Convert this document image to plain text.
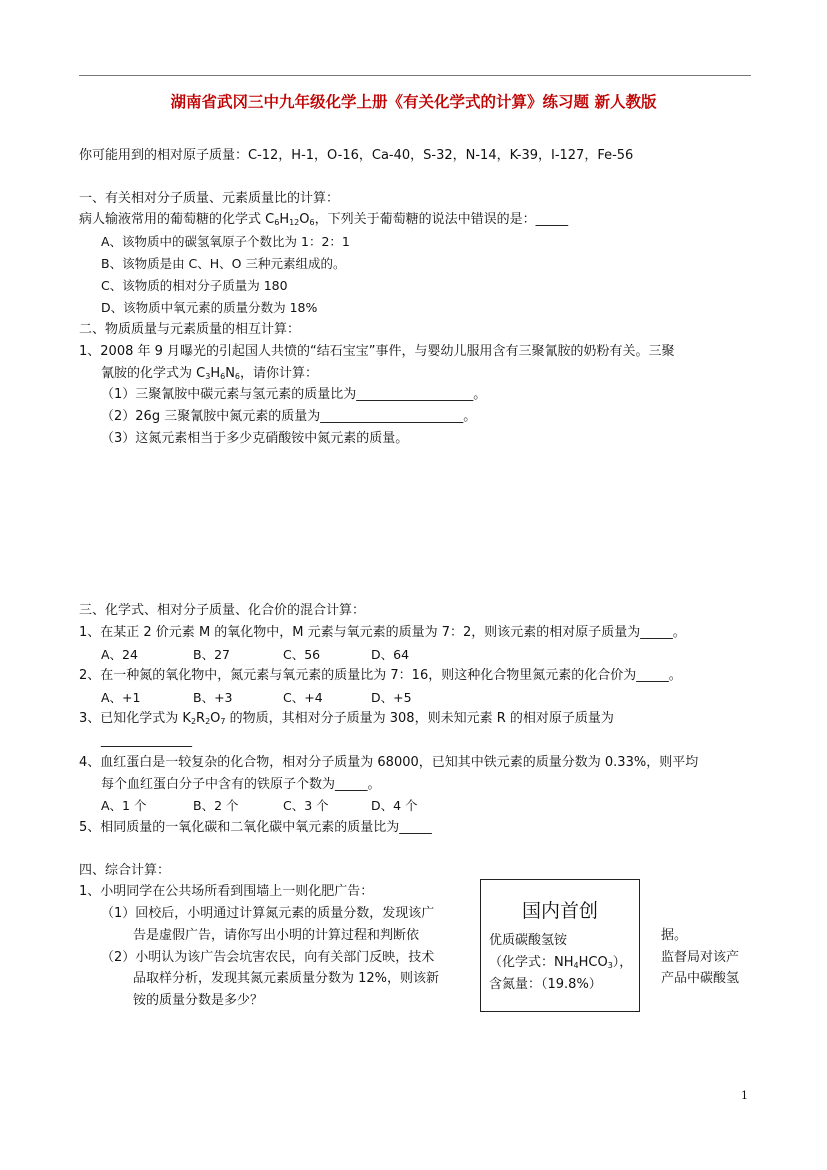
湖南省武冈三中九年级化学上册《有关化学式的计算》练习题 新人教版
你可能用到的相对原子质量：C-12，H-1，O-16，Ca-40，S-32，N-14，K-39，I-127，Fe-56
一、有关相对分子质量、元素质量比的计算：
病人输液常用的葡萄糖的化学式 $C_6H_{12}O_6$，下列关于葡萄糖的说法中错误的是：_____
A、该物质中的碳氢氧原子个数比为 1：2：1
B、该物质是由 C、H、O 三种元素组成的。
C、该物质的相对分子质量为 180
D、该物质中氧元素的质量分数为 18%
二、物质质量与元素质量的相互计算：
1、2008 年 9 月曝光的引起国人共愤的“结石宝宝”事件，与婴幼儿服用含有三聚氰胺的奶粉有关。三聚
氰胺的化学式为 $C_3H_6N_6$，请你计算：
（1）三聚氰胺中碳元素与氢元素的质量比为__________________。
（2）26g 三聚氰胺中氮元素的质量为______________________。
（3）这氮元素相当于多少克硝酸铵中氮元素的质量。
三、化学式、相对分子质量、化合价的混合计算：
1、在某正 2 价元素 M 的氧化物中，M 元素与氧元素的质量为 7：2，则该元素的相对原子质量为_____。
A、24	B、27	C、56	D、64
2、在一种氮的氧化物中，氮元素与氧元素的质量比为 7：16，则这种化合物里氮元素的化合价为_____。
A、+1	B、+3	C、+4	D、+5
3、已知化学式为 $K_2R_2O_7$ 的物质，其相对分子质量为 308，则未知元素 R 的相对原子质量为
______________
4、血红蛋白是一较复杂的化合物，相对分子质量为 68000，已知其中铁元素的质量分数为 0.33%，则平均
每个血红蛋白分子中含有的铁原子个数为_____。
A、1 个	B、2 个	C、3 个	D、4 个
5、相同质量的一氧化碳和二氧化碳中氧元素的质量比为_____
四、综合计算：
1、小明同学在公共场所看到围墙上一则化肥广告：
（1）回校后，小明通过计算氮元素的质量分数，发现该广
告是虚假广告，请你写出小明的计算过程和判断依	据。
（2）小明认为该广告会坑害农民，向有关部门反映，技术	监督局对该产
品取样分析，发现其氮元素质量分数为 12%，则该新	产品中碳酸氢
铵的质量分数是多少？
国内首创
优质碳酸氢铵
（化学式：$NH_4HCO_3$），
含氮量：（19.8%）
1
